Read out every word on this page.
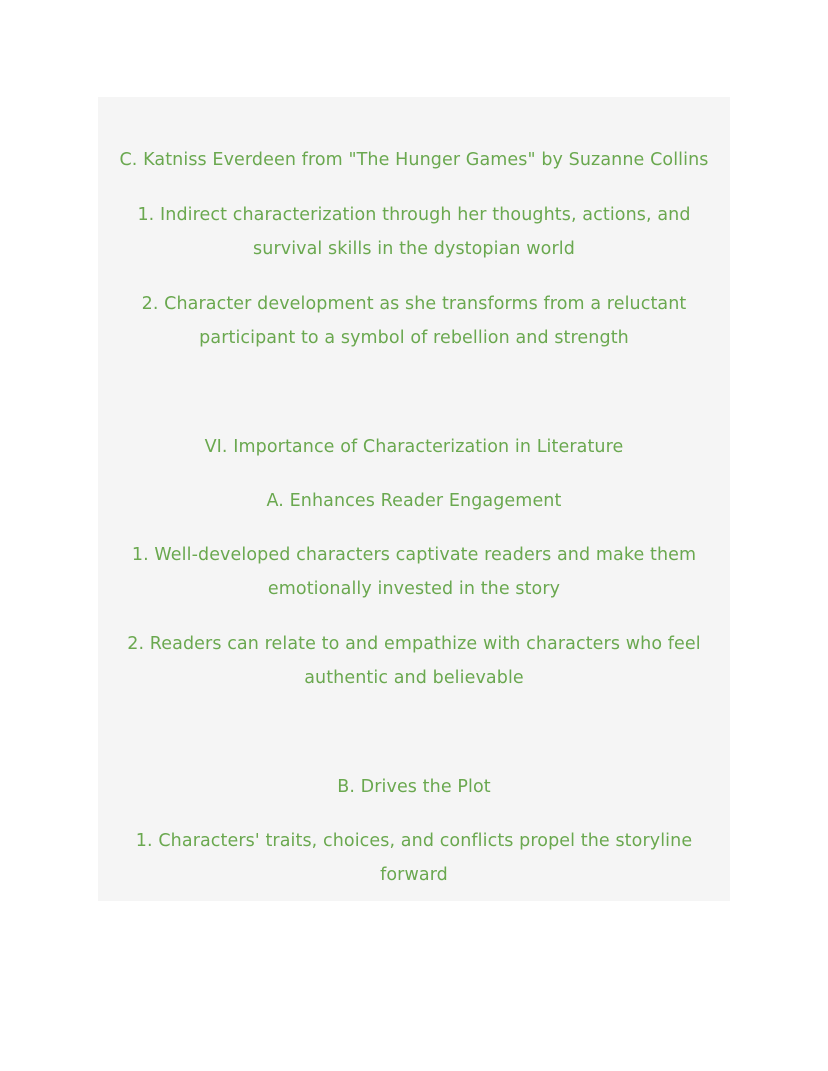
C. Katniss Everdeen from "The Hunger Games" by Suzanne Collins
1. Indirect characterization through her thoughts, actions, and
survival skills in the dystopian world
2. Character development as she transforms from a reluctant
participant to a symbol of rebellion and strength
VI. Importance of Characterization in Literature
A. Enhances Reader Engagement
1. Well-developed characters captivate readers and make them
emotionally invested in the story
2. Readers can relate to and empathize with characters who feel
authentic and believable
B. Drives the Plot
1. Characters' traits, choices, and conflicts propel the storyline
forward
